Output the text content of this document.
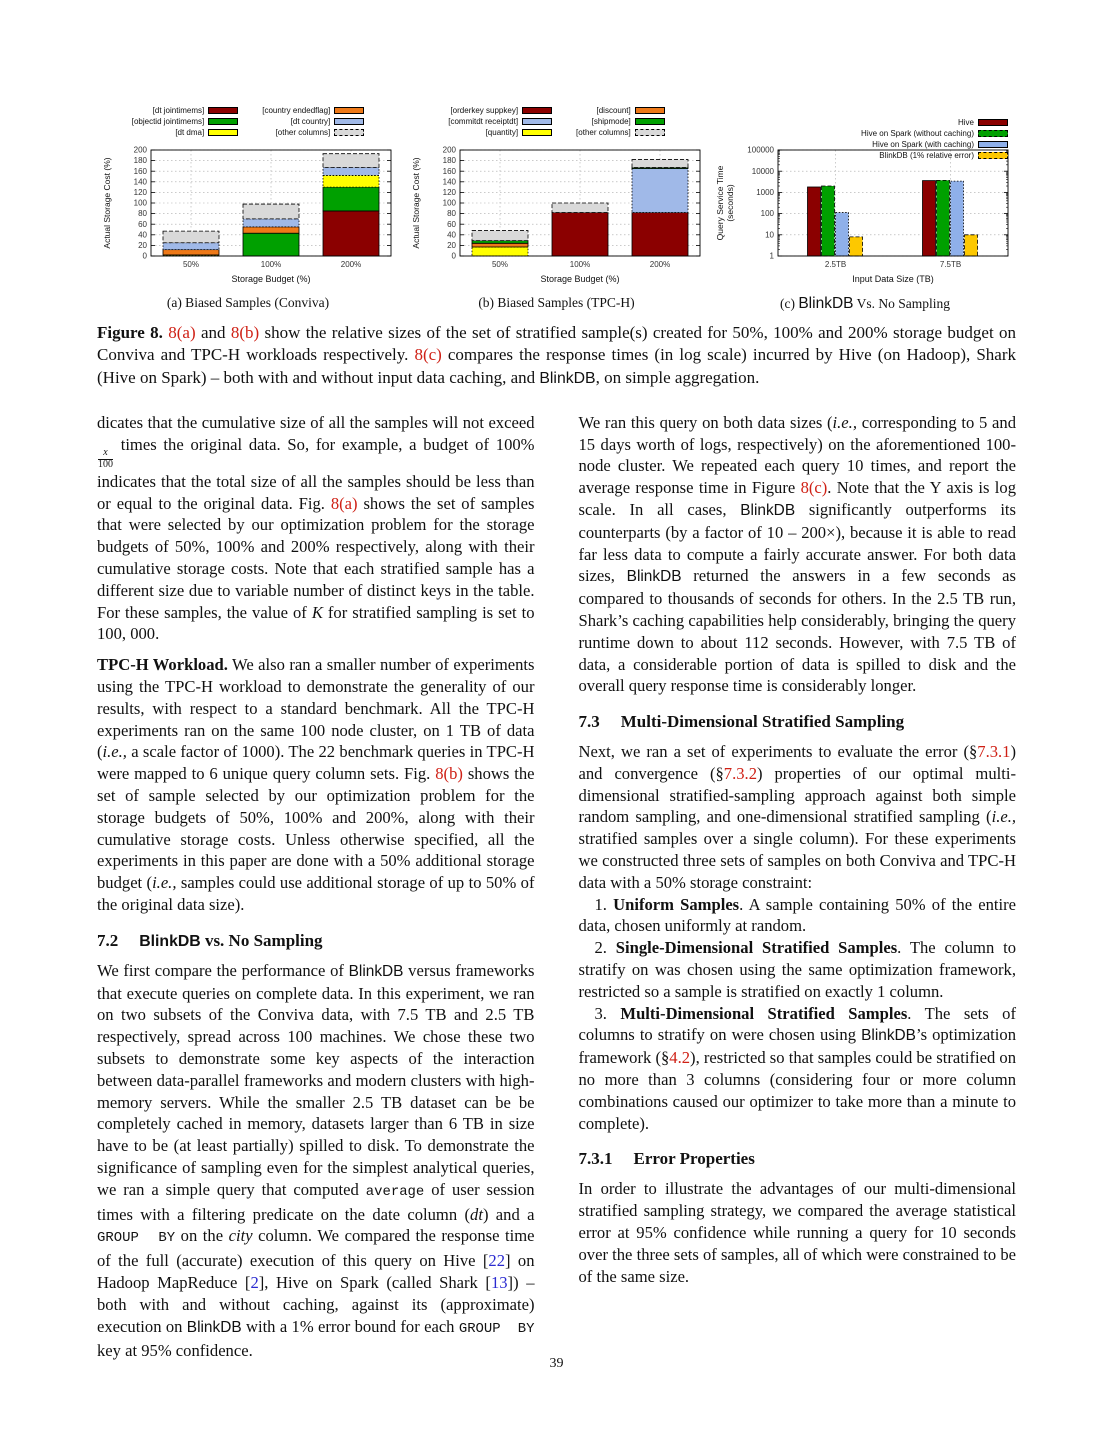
[dt jointimems]
[objectid jointimems]
[dt dma]
[country endedflag]
[dt country]
[other columns]
0
20
40
60
80
100
120
140
160
180
200
50%	100%	200%
Storage Budget (%)
Actual Storage Cost (%)
(a) Biased Samples (Conviva)
[orderkey suppkey]
[commitdt receiptdt]
[quantity]
[discount]
[shipmode]
[other columns]
0
20
40
60
80
100
120
140
160
180
200
50%	100%	200%
Storage Budget (%)
Actual Storage Cost (%)
(b) Biased Samples (TPC-H)
Hive
Hive on Spark (without caching)
Hive on Spark (with caching)
BlinkDB (1% relative error)
1
10
100
1000
10000
100000
2.5TB	7.5TB
Input Data Size (TB)
Query Service Time (seconds)
(c) BlinkDB Vs. No Sampling

Figure 8. 8(a) and 8(b) show the relative sizes of the set of stratified sample(s) created for 50%, 100% and 200% storage budget on Conviva and TPC-H workloads respectively. 8(c) compares the response times (in log scale) incurred by Hive (on Hadoop), Shark (Hive on Spark) – both with and without input data caching, and BlinkDB, on simple aggregation.

dicates that the cumulative size of all the samples will not exceed
$\frac{x}{100}$
times the original data. So, for example, a budget of 100% indicates that the total size of all the samples should be less than or equal to the original data. Fig. 8(a) shows the set of samples that were selected by our optimization problem for the storage budgets of 50%, 100% and 200% respectively, along with their cumulative storage costs. Note that each stratified sample has a different size due to variable number of distinct keys in the table. For these samples, the value of K for stratified sampling is set to 100, 000.

TPC-H Workload. We also ran a smaller number of experiments using the TPC-H workload to demonstrate the generality of our results, with respect to a standard benchmark. All the TPC-H experiments ran on the same 100 node cluster, on 1 TB of data (i.e., a scale factor of 1000). The 22 benchmark queries in TPC-H were mapped to 6 unique query column sets. Fig. 8(b) shows the set of sample selected by our optimization problem for the storage budgets of 50%, 100% and 200%, along with their cumulative storage costs. Unless otherwise specified, all the experiments in this paper are done with a 50% additional storage budget (i.e., samples could use additional storage of up to 50% of the original data size).

7.2 BlinkDB vs. No Sampling

We first compare the performance of BlinkDB versus frameworks that execute queries on complete data. In this experiment, we ran on two subsets of the Conviva data, with 7.5 TB and 2.5 TB respectively, spread across 100 machines. We chose these two subsets to demonstrate some key aspects of the interaction between data-parallel frameworks and modern clusters with high-memory servers. While the smaller 2.5 TB dataset can be be completely cached in memory, datasets larger than 6 TB in size have to be (at least partially) spilled to disk. To demonstrate the significance of sampling even for the simplest analytical queries, we ran a simple query that computed average of user session times with a filtering predicate on the date column (dt) and a GROUP  BY on the city column. We compared the response time of the full (accurate) execution of this query on Hive [22] on Hadoop MapReduce [2], Hive on Spark (called Shark [13]) – both with and without caching, against its (approximate) execution on BlinkDB with a 1% error bound for each GROUP  BY key at 95% confidence.

We ran this query on both data sizes (i.e., corresponding to 5 and 15 days worth of logs, respectively) on the aforementioned 100-node cluster. We repeated each query 10 times, and report the average response time in Figure 8(c). Note that the Y axis is log scale. In all cases, BlinkDB significantly outperforms its counterparts (by a factor of 10 – 200×), because it is able to read far less data to compute a fairly accurate answer. For both data sizes, BlinkDB returned the answers in a few seconds as compared to thousands of seconds for others. In the 2.5 TB run, Shark’s caching capabilities help considerably, bringing the query runtime down to about 112 seconds. However, with 7.5 TB of data, a considerable portion of data is spilled to disk and the overall query response time is considerably longer.

7.3 Multi-Dimensional Stratified Sampling

Next, we ran a set of experiments to evaluate the error (§7.3.1) and convergence (§7.3.2) properties of our optimal multi-dimensional stratified-sampling approach against both simple random sampling, and one-dimensional stratified sampling (i.e., stratified samples over a single column). For these experiments we constructed three sets of samples on both Conviva and TPC-H data with a 50% storage constraint:

1. Uniform Samples. A sample containing 50% of the entire data, chosen uniformly at random.

2. Single-Dimensional Stratified Samples. The column to stratify on was chosen using the same optimization framework, restricted so a sample is stratified on exactly 1 column.

3. Multi-Dimensional Stratified Samples. The sets of columns to stratify on were chosen using BlinkDB’s optimization framework (§4.2), restricted so that samples could be stratified on no more than 3 columns (considering four or more column combinations caused our optimizer to take more than a minute to complete).

7.3.1 Error Properties

In order to illustrate the advantages of our multi-dimensional stratified sampling strategy, we compared the average statistical error at 95% confidence while running a query for 10 seconds over the three sets of samples, all of which were constrained to be of the same size.

39
